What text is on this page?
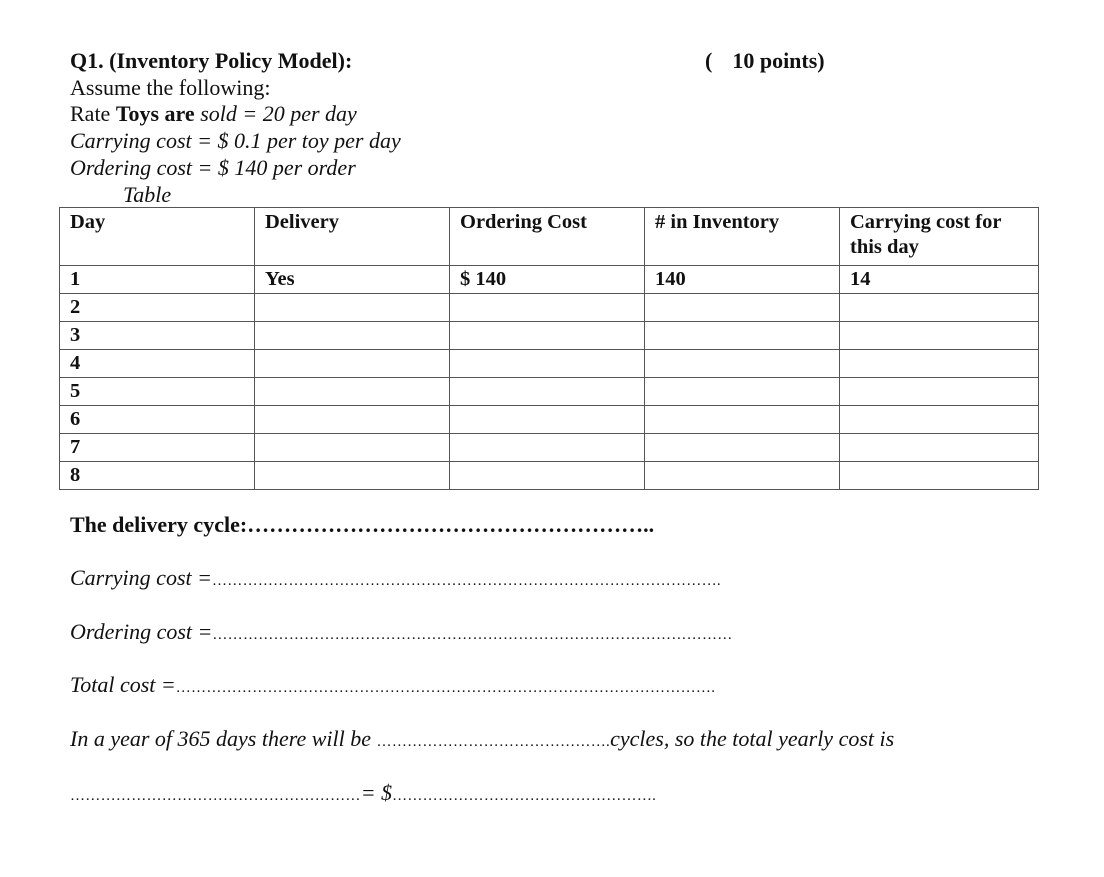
Q1. (Inventory Policy Model):	( 10 points)
Assume the following:
Rate Toys are sold = 20 per day
Carrying cost = $ 0.1 per toy per day
Ordering cost = $ 140 per order
Table
Day	Delivery	Ordering Cost	# in Inventory	Carrying cost for this day
1	Yes	$ 140	140	14
2				
3				
4				
5				
6				
7				
8				
The delivery cycle:………………………………………………..
Carrying cost =……………………………………………………………………………………….
Ordering cost =…………………………………………………………………………………………
Total cost =…………………………………………………………………………………………….
In a year of 365 days there will be ……………………………………….cycles, so the total yearly cost is
…………………………………………………= $…………………………………………….
